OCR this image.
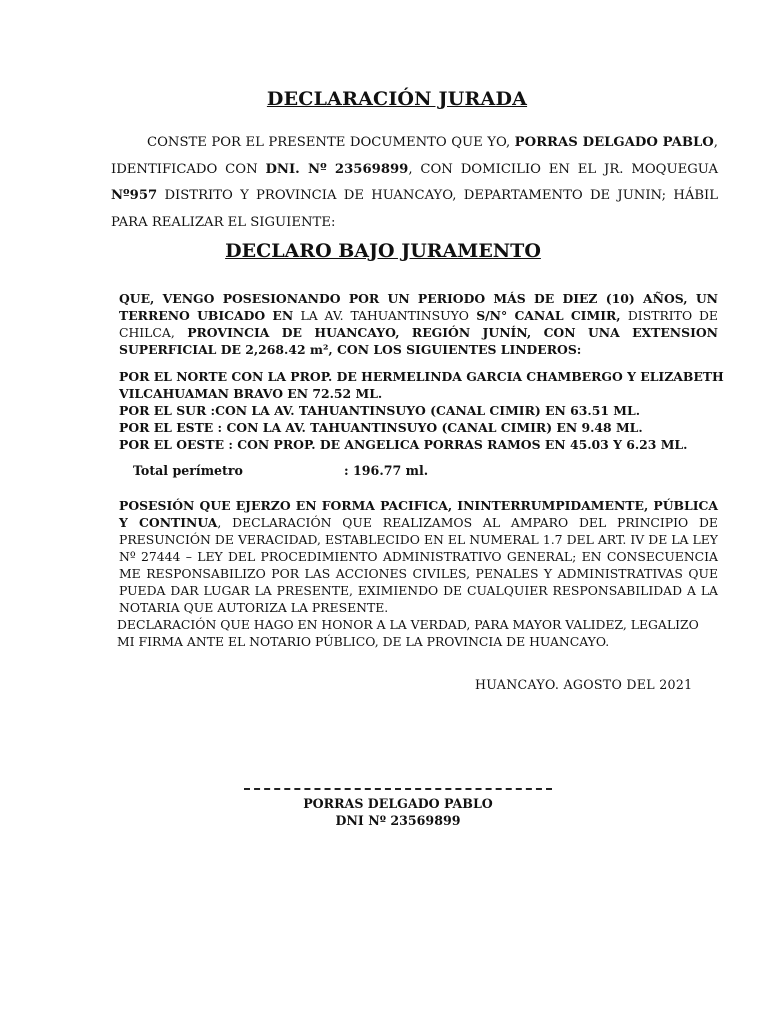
DECLARACIÓN JURADA
CONSTE POR EL PRESENTE DOCUMENTO QUE YO, PORRAS DELGADO PABLO, IDENTIFICADO CON DNI. Nº 23569899, CON DOMICILIO EN EL JR. MOQUEGUA Nº957 DISTRITO Y PROVINCIA DE HUANCAYO, DEPARTAMENTO DE JUNIN; HÁBIL PARA REALIZAR EL SIGUIENTE:
DECLARO BAJO JURAMENTO
QUE, VENGO POSESIONANDO POR UN PERIODO MÁS DE DIEZ (10) AÑOS, UN TERRENO UBICADO EN LA AV. TAHUANTINSUYO S/N° CANAL CIMIR, DISTRITO DE CHILCA, PROVINCIA DE HUANCAYO, REGIÓN JUNÍN, CON UNA EXTENSION SUPERFICIAL DE 2,268.42 m², CON LOS SIGUIENTES LINDEROS:
POR EL NORTE CON LA PROP. DE HERMELINDA GARCIA CHAMBERGO Y ELIZABETH
VILCAHUAMAN BRAVO EN 72.52 ML.
POR EL SUR :CON LA AV. TAHUANTINSUYO (CANAL CIMIR) EN 63.51 ML.
POR EL ESTE : CON LA AV. TAHUANTINSUYO (CANAL CIMIR) EN 9.48 ML.
POR EL OESTE : CON PROP. DE ANGELICA PORRAS RAMOS EN 45.03 Y 6.23 ML.
Total perímetro	: 196.77 ml.
POSESIÓN QUE EJERZO EN FORMA PACIFICA, ININTERRUMPIDAMENTE, PÚBLICA Y CONTINUA, DECLARACIÓN QUE REALIZAMOS AL AMPARO DEL PRINCIPIO DE PRESUNCIÓN DE VERACIDAD, ESTABLECIDO EN EL NUMERAL 1.7 DEL ART. IV DE LA LEY Nº 27444 – LEY DEL PROCEDIMIENTO ADMINISTRATIVO GENERAL; EN CONSECUENCIA ME RESPONSABILIZO POR LAS ACCIONES CIVILES, PENALES Y ADMINISTRATIVAS QUE PUEDA DAR LUGAR LA PRESENTE, EXIMIENDO DE CUALQUIER RESPONSABILIDAD A LA NOTARIA QUE AUTORIZA LA PRESENTE.
DECLARACIÓN QUE HAGO EN HONOR A LA VERDAD, PARA MAYOR VALIDEZ, LEGALIZO
MI FIRMA ANTE EL NOTARIO PÚBLICO, DE LA PROVINCIA DE HUANCAYO.
HUANCAYO. AGOSTO DEL 2021
PORRAS DELGADO PABLO
DNI Nº 23569899
